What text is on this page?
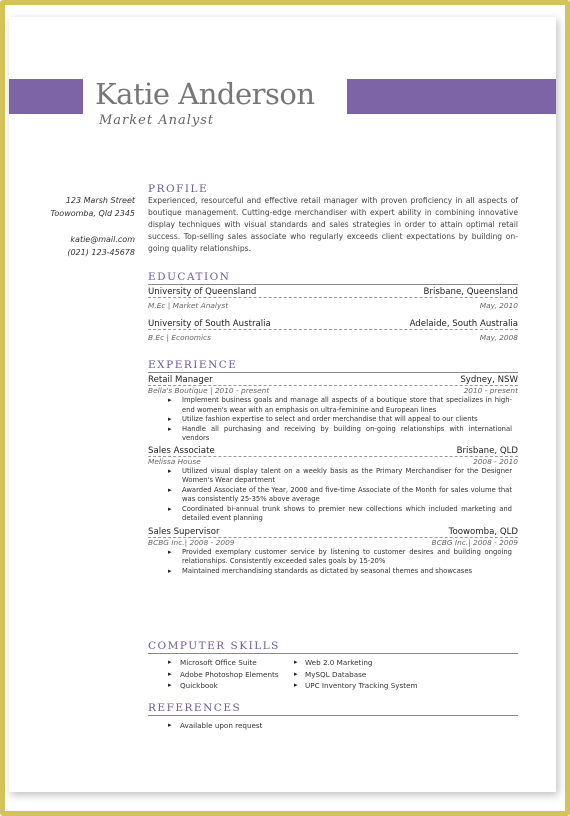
Katie Anderson
Market Analyst
123 Marsh Street
Toowomba, Qld 2345
katie@mail.com
(021) 123-45678
PROFILE
Experienced, resourceful and effective retail manager with proven proficiency in all aspects of boutique management. Cutting-edge merchandiser with expert ability in combining innovative display techniques with visual standards and sales strategies in order to attain optimal retail success. Top-selling sales associate who regularly exceeds client expectations by building on-going quality relationships.
EDUCATION
University of Queensland	Brisbane, Queensland
M.Ec | Market Analyst	May, 2010
University of South Australia	Adelaide, South Australia
B.Ec | Economics	May, 2008
EXPERIENCE
Retail Manager	Sydney, NSW
Bella's Boutique | 2010 - present	2010 - present
▸ Implement business goals and manage all aspects of a boutique store that specializes in high-end women's wear with an emphasis on ultra-feminine and European lines
▸ Utilize fashion expertise to select and order merchandise that will appeal to our clients
▸ Handle all purchasing and receiving by building on-going relationships with international vendors
Sales Associate	Brisbane, QLD
Melissa House	2008 - 2010
▸ Utilized visual display talent on a weekly basis as the Primary Merchandiser for the Designer Women's Wear department
▸ Awarded Associate of the Year, 2000 and five-time Associate of the Month for sales volume that was consistently 25-35% above average
▸ Coordinated bi-annual trunk shows to premier new collections which included marketing and detailed event planning
Sales Supervisor	Toowomba, QLD
BCBG Inc.| 2008 - 2009	BCBG Inc.| 2008 - 2009
▸ Provided exemplary customer service by listening to customer desires and building ongoing relationships. Consistently exceeded sales goals by 15-20%
▸ Maintained merchandising standards as dictated by seasonal themes and showcases
COMPUTER SKILLS
▸ Microsoft Office Suite
▸ Adobe Photoshop Elements
▸ Quickbook
▸ Web 2.0 Marketing
▸ MySQL Database
▸ UPC Inventory Tracking System
REFERENCES
▸ Available upon request
